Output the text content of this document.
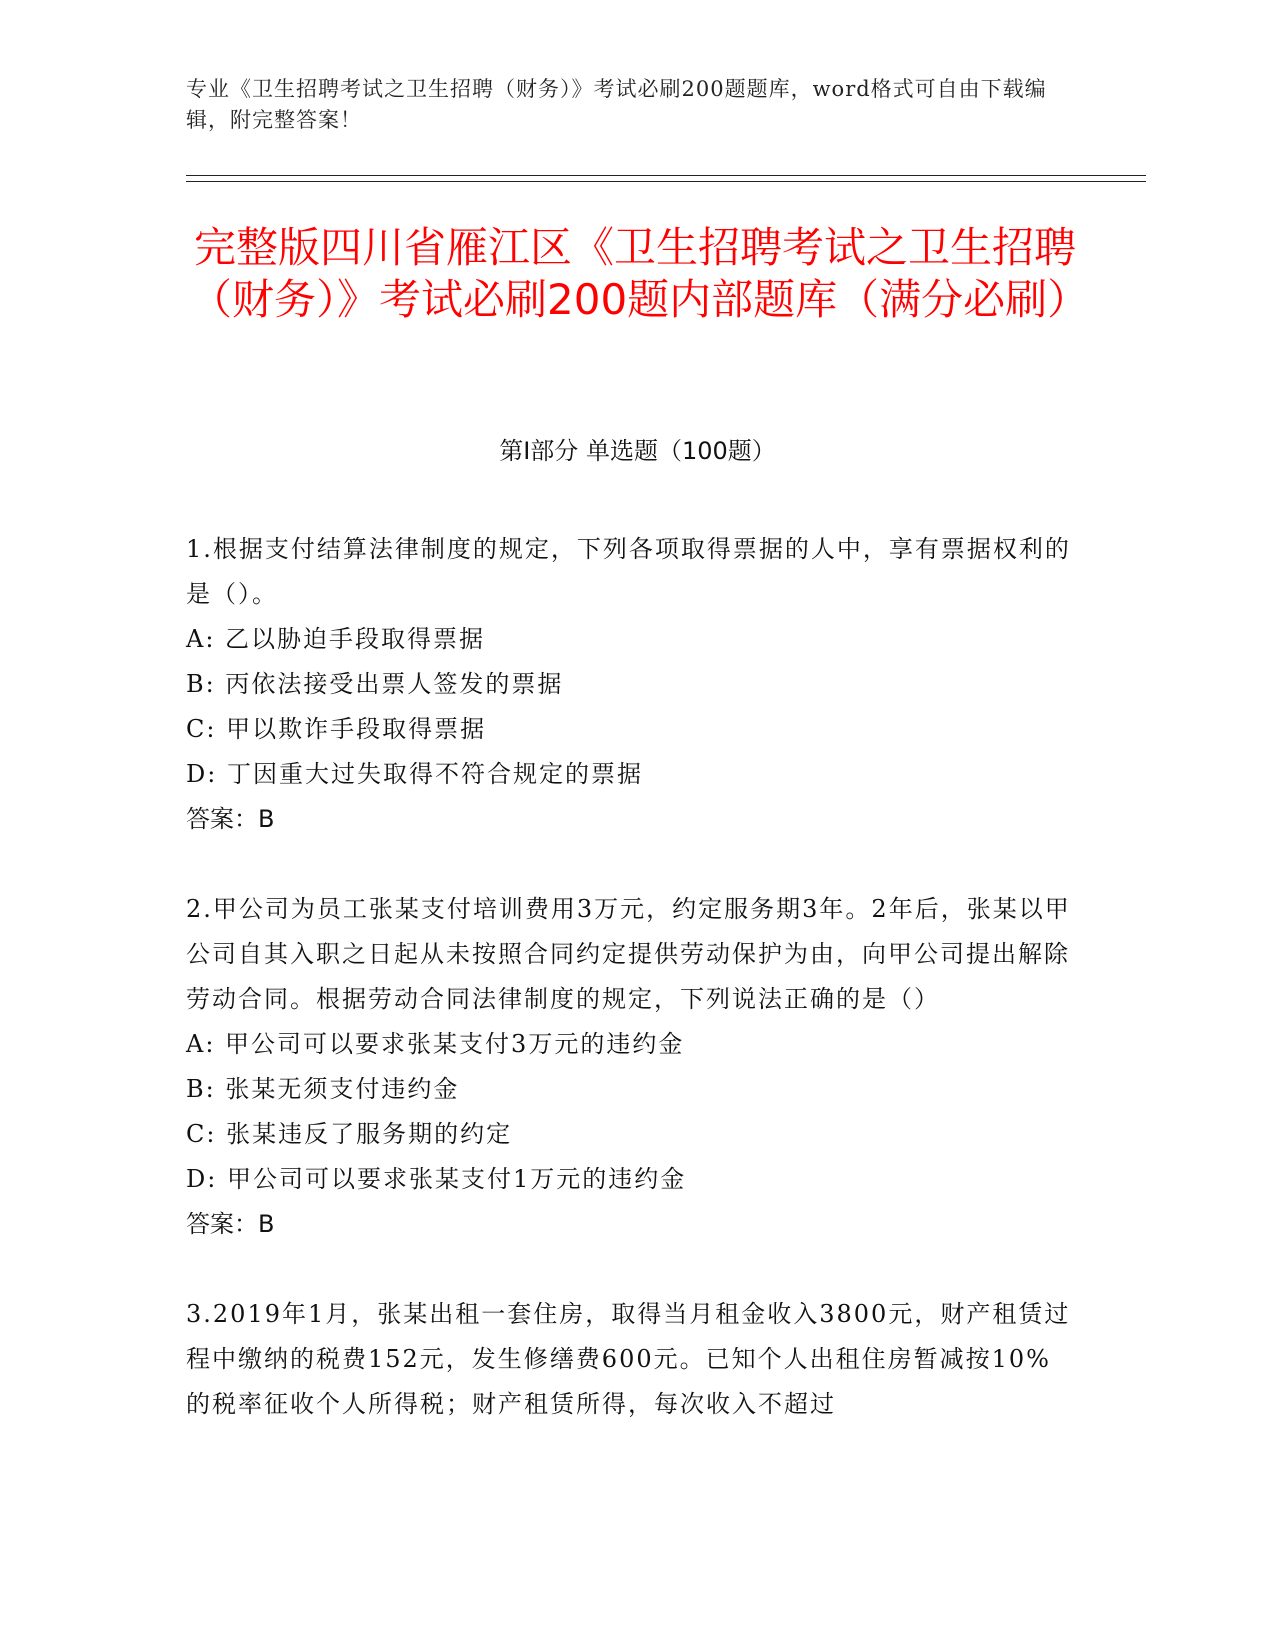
专业《卫生招聘考试之卫生招聘（财务）》考试必刷200题题库，word格式可自由下载编辑，附完整答案！
完整版四川省雁江区《卫生招聘考试之卫生招聘（财务）》考试必刷200题内部题库（满分必刷）
第I部分 单选题（100题）

1.根据支付结算法律制度的规定，下列各项取得票据的人中，享有票据权利的是（）。

A: 乙以胁迫手段取得票据

B: 丙依法接受出票人签发的票据

C: 甲以欺诈手段取得票据

D: 丁因重大过失取得不符合规定的票据

答案：B

2.甲公司为员工张某支付培训费用3万元，约定服务期3年。2年后，张某以甲公司自其入职之日起从未按照合同约定提供劳动保护为由，向甲公司提出解除劳动合同。根据劳动合同法律制度的规定，下列说法正确的是（）

A: 甲公司可以要求张某支付3万元的违约金

B: 张某无须支付违约金

C: 张某违反了服务期的约定

D: 甲公司可以要求张某支付1万元的违约金

答案：B

3.2019年1月，张某出租一套住房，取得当月租金收入3800元，财产租赁过程中缴纳的税费152元，发生修缮费600元。已知个人出租住房暂减按10%的税率征收个人所得税；财产租赁所得，每次收入不超过
